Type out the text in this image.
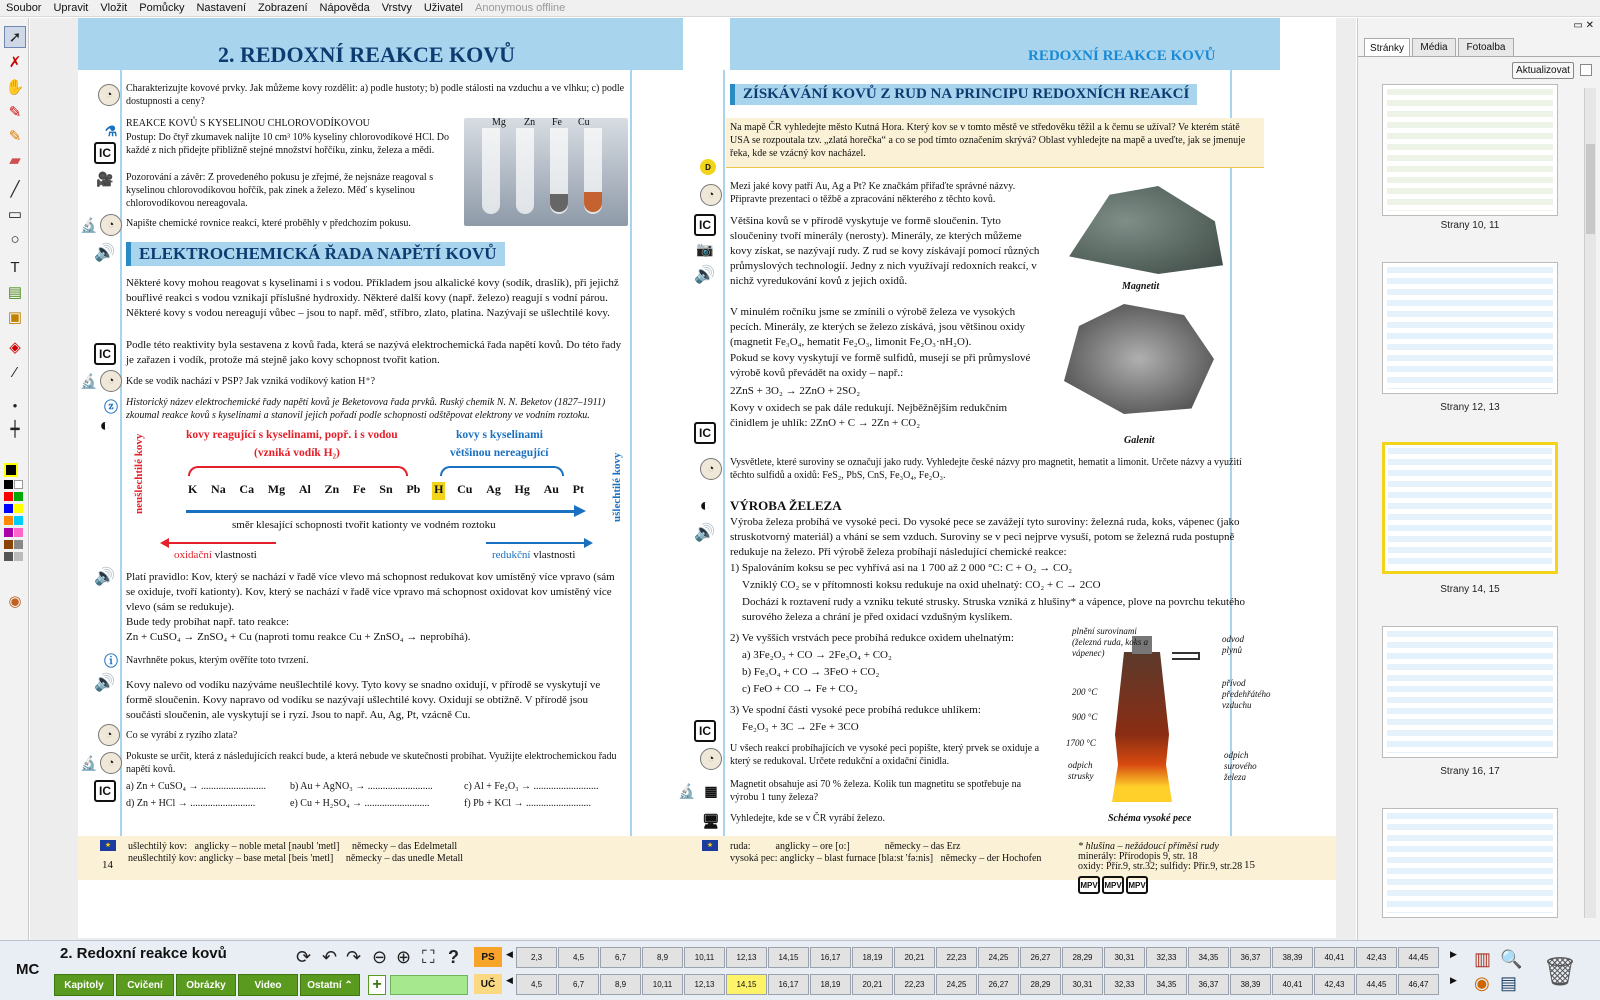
Soubor Upravit Vložit Pomůcky Nastavení Zobrazení Nápověda Vrstvy Uživatel Anonymous offline
➚
✗
✋
✎
✎
▰
╱
▭
○
T
▤
▣
◈
⁄
●
┿
◉
2. REDOXNÍ REAKCE KOVŮ
◔
Charakterizujte kovové prvky. Jak můžeme kovy rozdělit: a) podle hustoty; b) podle stálosti na vzduchu a ve vlhku; c) podle dostupnosti a ceny?
⚗ REAKCE KOVŮ S KYSELINOU CHLOROVODÍKOVOU
IC
Postup: Do čtyř zkumavek nalijte 10 cm³ 10% kyseliny chlorovodíkové HCl. Do každé z nich přidejte přibližně stejné množství hořčíku, zinku, železa a mědi.
🎥 Pozorování a závěr: Z provedeného pokusu je zřejmé, že nejsnáze reagoval s kyselinou chlorovodíkovou hořčík, pak zinek a železo. Měď s kyselinou chlorovodíkovou nereagovala.
🔬 ◔	Napište chemické rovnice reakcí, které proběhly v předchozím pokusu.
Mg Zn Fe Cu
🔊	ELEKTROCHEMICKÁ ŘADA NAPĚTÍ KOVŮ
Některé kovy mohou reagovat s kyselinami i s vodou. Příkladem jsou alkalické kovy (sodík, draslík), při jejichž bouřlivé reakci s vodou vznikají příslušné hydroxidy. Některé další kovy (např. železo) reagují s vodní párou. Některé kovy s vodou nereagují vůbec – jsou to např. měď, stříbro, zlato, platina. Nazývají se ušlechtilé kovy.
IC
Podle této reaktivity byla sestavena z kovů řada, která se nazývá elektrochemická řada napětí kovů. Do této řady je zařazen i vodík, protože má stejně jako kovy schopnost tvořit kation.
🔬 ◔	Kde se vodík nachází v PSP? Jak vzniká vodíkový kation H⁺?
ⓩ Historický název elektrochemické řady napětí kovů je Beketovova řada prvků. Ruský chemik N. N. Beketov (1827–1911) zkoumal reakce kovů s kyselinami a stanovil jejich pořadí podle schopnosti odštěpovat elektrony ve vodním roztoku.
◐
kovy reagující s kyselinami, popř. i s vodou
(vzniká vodík H₂)
kovy s kyselinami
většinou nereagující
neušlechtilé kovy	ušlechtilé kovy
K Na Ca Mg Al Zn Fe Sn Pb H Cu Ag Hg Au Pt
směr klesající schopnosti tvořit kationty ve vodném roztoku
oxidační vlastnosti	redukční vlastnosti
🔊 Platí pravidlo: Kov, který se nachází v řadě více vlevo má schopnost redukovat kov umístěný více vpravo (sám se oxiduje, tvoří kationty). Kov, který se nachází v řadě více vpravo má schopnost oxidovat kov umístěný více vlevo (sám se redukuje).
Bude tedy probíhat např. tato reakce:
Zn + CuSO₄ → ZnSO₄ + Cu (naproti tomu reakce Cu + ZnSO₄ → neprobíhá).
ⓘ Navrhněte pokus, kterým ověříte toto tvrzení.
🔊 Kovy nalevo od vodíku nazýváme neušlechtilé kovy. Tyto kovy se snadno oxidují, v přírodě se vyskytují ve formě sloučenin. Kovy napravo od vodíku se nazývají ušlechtilé kovy. Oxidují se obtížně. V přírodě jsou součásti sloučenin, ale vyskytují se i ryzí. Jsou to např. Au, Ag, Pt, vzácně Cu.
◔	Co se vyrábí z ryzího zlata?
🔬 ◔
Pokuste se určit, která z následujících reakcí bude, a která nebude ve skutečnosti probíhat. Využijte elektrochemickou řadu napětí kovů.
IC	a) Zn + CuSO₄ → ..........................	b) Au + AgNO₃ → ..........................	c) Al + Fe₂O₃ → ..........................
d) Zn + HCl → ..........................	e) Cu + H₂SO₄ → ..........................	f) Pb + KCl → ..........................
REDOXNÍ REAKCE KOVŮ
ZÍSKÁVÁNÍ KOVŮ Z RUD NA PRINCIPU REDOXNÍCH REAKCÍ
Na mapě ČR vyhledejte město Kutná Hora. Který kov se v tomto městě ve středověku těžil a k čemu se užíval? Ve kterém státě USA se rozpoutala tzv. „zlatá horečka“ a co se pod tímto označením skrývá? Oblast vyhledejte na mapě a uveďte, jak se jmenuje řeka, kde se vzácný kov nacházel.
D
◔
Mezi jaké kovy patří Au, Ag a Pt? Ke značkám přiřaďte správné názvy. Připravte prezentaci o těžbě a zpracování některého z těchto kovů.
IC
📷
🔊
Většina kovů se v přírodě vyskytuje ve formě sloučenin. Tyto sloučeniny tvoří minerály (nerosty). Minerály, ze kterých můžeme kovy získat, se nazývají rudy. Z rud se kovy získávají pomocí různých průmyslových technologií. Jedny z nich využívají redoxních reakcí, v nichž vyredukování kovů z jejich oxidů.
V minulém ročníku jsme se zmínili o výrobě železa ve vysokých pecích. Minerály, ze kterých se železo získává, jsou většinou oxidy (magnetit Fe₃O₄, hematit Fe₂O₃, limonit Fe₂O₃·nH₂O).
Pokud se kovy vyskytují ve formě sulfidů, musejí se při průmyslové výrobě kovů převádět na oxidy – např.:
2ZnS + 3O₂ → 2ZnO + 2SO₂
Kovy v oxidech se pak dále redukují. Nejběžnějším redukčním činidlem je uhlík: 2ZnO + C → 2Zn + CO₂
IC
Magnetit
Galenit
◔
Vysvětlete, které suroviny se označují jako rudy. Vyhledejte české názvy pro magnetit, hematit a limonit. Určete názvy a využití těchto sulfidů a oxidů: FeS₂, PbS, CnS, Fe₃O₄, Fe₂O₃.
◐
🔊
VÝROBA ŽELEZA
Výroba železa probíhá ve vysoké peci. Do vysoké pece se zavážejí tyto suroviny: železná ruda, koks, vápenec (jako struskotvorný materiál) a vhání se sem vzduch. Suroviny se v peci nejprve vysuší, potom se železná ruda postupně redukuje na železo. Při výrobě železa probíhají následující chemické reakce:
1) Spalováním koksu se pec vyhřívá asi na 1 700 až 2 000 °C: C + O₂ → CO₂
Vzniklý CO₂ se v přítomnosti koksu redukuje na oxid uhelnatý: CO₂ + C → 2CO
Dochází k roztavení rudy a vzniku tekuté strusky. Struska vzniká z hlušiny* a vápence, plove na povrchu tekutého surového železa a chrání je před oxidací vzdušným kyslíkem.
2) Ve vyšších vrstvách pece probíhá redukce oxidem uhelnatým:
a) 3Fe₂O₃ + CO → 2Fe₃O₄ + CO₂
b) Fe₃O₄ + CO → 3FeO + CO₂
c) FeO + CO → Fe + CO₂
3) Ve spodní části vysoké pece probíhá redukce uhlíkem:
Fe₂O₃ + 3C → 2Fe + 3CO
IC
◔
U všech reakcí probíhajících ve vysoké peci popište, který prvek se oxiduje a který se redukoval. Určete redukční a oxidační činidla.
🔬 ▦	Magnetit obsahuje asi 70 % železa. Kolik tun magnetitu se spotřebuje na výrobu 1 tuny železa?
🖥 Vyhledejte, kde se v ČR vyrábí železo.
plnění surovinami (železná ruda, koks a vápenec)
odvod plynů
200 °C
900 °C
1700 °C
přívod předehřátého vzduchu
odpich strusky
odpich surového železa
Schéma vysoké pece
★	ušlechtilý kov:   anglicky – noble metal [nəubl 'metl]     německy – das Edelmetall
neušlechtilý kov: anglicky – base metal [beis 'metl]     německy – das unedle Metall
14
★	ruda:          anglicky – ore [o:]              německy – das Erz
vysoká pec: anglicky – blast furnace [bla:st 'fə:nis]   německy – der Hochofen
* hlušina – nežádoucí příměsi rudy
minerály: Přírodopis 9, str. 18
oxidy: Přír.9, str.32; sulfidy: Přír.9, str.28 15
MPV MPV MPV
▭ ✕
Stránky	Média	Fotoalba
Aktualizovat
Strany 10, 11
Strany 12, 13
Strany 14, 15
Strany 16, 17
MC
2. Redoxní reakce kovů
Kapitoly	Cvičení	Obrázky	Video	Ostatní ⌃
⟳ ↶ ↷ ⊖ ⊕ ⛶ ?
+
PS
UČ
◀
◀
2,3	4,5	6,7	8,9	10,11	12,13	14,15	16,17	18,19	20,21	22,23	24,25	26,27	28,29	30,31	32,33	34,35	36,37	38,39	40,41	42,43	44,45
4,5	6,7	8,9	10,11	12,13	14,15	16,17	18,19	20,21	22,23	24,25	26,27	28,29	30,31	32,33	34,35	36,37	38,39	40,41	42,43	44,45	46,47
▶
▶
▥ 🔍
◉ ▤ 🗑
